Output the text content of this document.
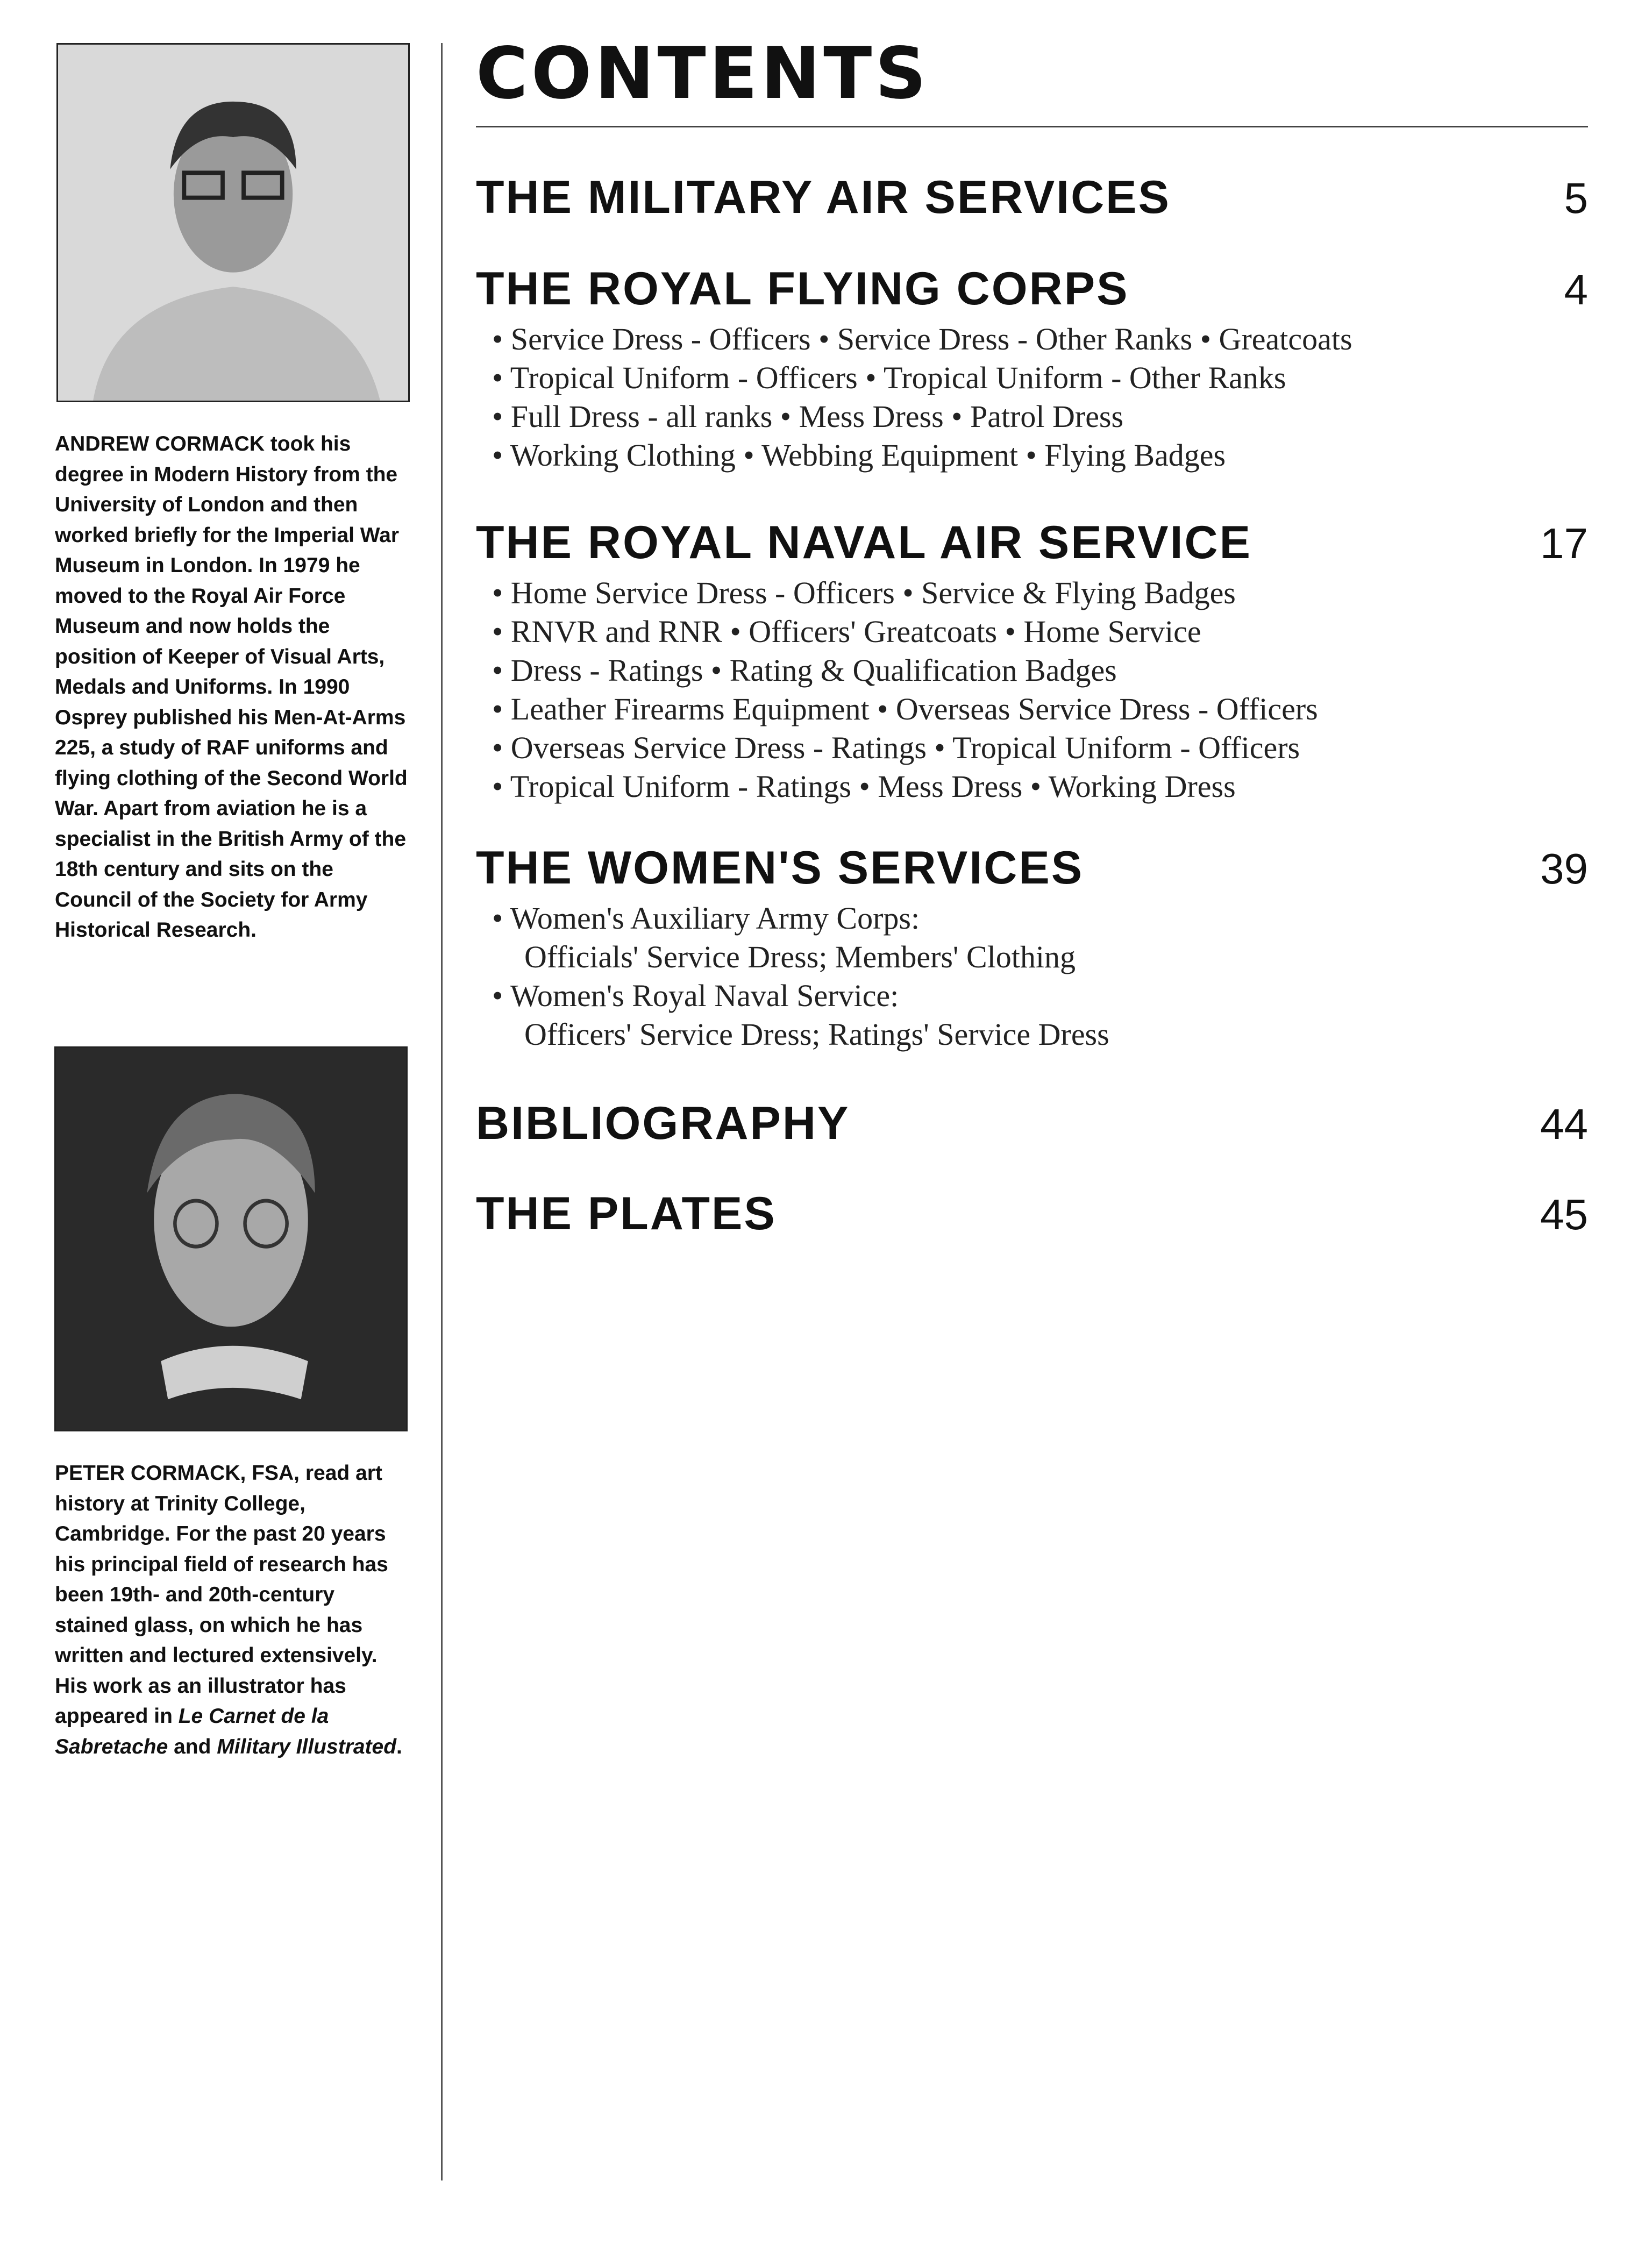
ANDREW CORMACK took his degree in Modern History from the University of London and then worked briefly for the Imperial War Museum in London. In 1979 he moved to the Royal Air Force Museum and now holds the position of Keeper of Visual Arts, Medals and Uniforms. In 1990 Osprey published his Men-At-Arms 225, a study of RAF uniforms and flying clothing of the Second World War. Apart from aviation he is a specialist in the British Army of the 18th century and sits on the Council of the Society for Army Historical Research.
PETER CORMACK, FSA, read art history at Trinity College, Cambridge. For the past 20 years his principal field of research has been 19th- and 20th-century stained glass, on which he has written and lectured extensively. His work as an illustrator has appeared in Le Carnet de la Sabretache and Military Illustrated.
CONTENTS
THE MILITARY AIR SERVICES	5
THE ROYAL FLYING CORPS	4
• Service Dress - Officers • Service Dress - Other Ranks • Greatcoats
• Tropical Uniform - Officers • Tropical Uniform - Other Ranks
• Full Dress - all ranks • Mess Dress • Patrol Dress
• Working Clothing • Webbing Equipment • Flying Badges
THE ROYAL NAVAL AIR SERVICE	17
• Home Service Dress - Officers • Service & Flying Badges
• RNVR and RNR • Officers' Greatcoats • Home Service
• Dress - Ratings • Rating & Qualification Badges
• Leather Firearms Equipment • Overseas Service Dress - Officers
• Overseas Service Dress - Ratings • Tropical Uniform - Officers
• Tropical Uniform - Ratings • Mess Dress • Working Dress
THE WOMEN'S SERVICES	39
• Women's Auxiliary Army Corps:
Officials' Service Dress; Members' Clothing
• Women's Royal Naval Service:
Officers' Service Dress; Ratings' Service Dress
BIBLIOGRAPHY	44
THE PLATES	45
